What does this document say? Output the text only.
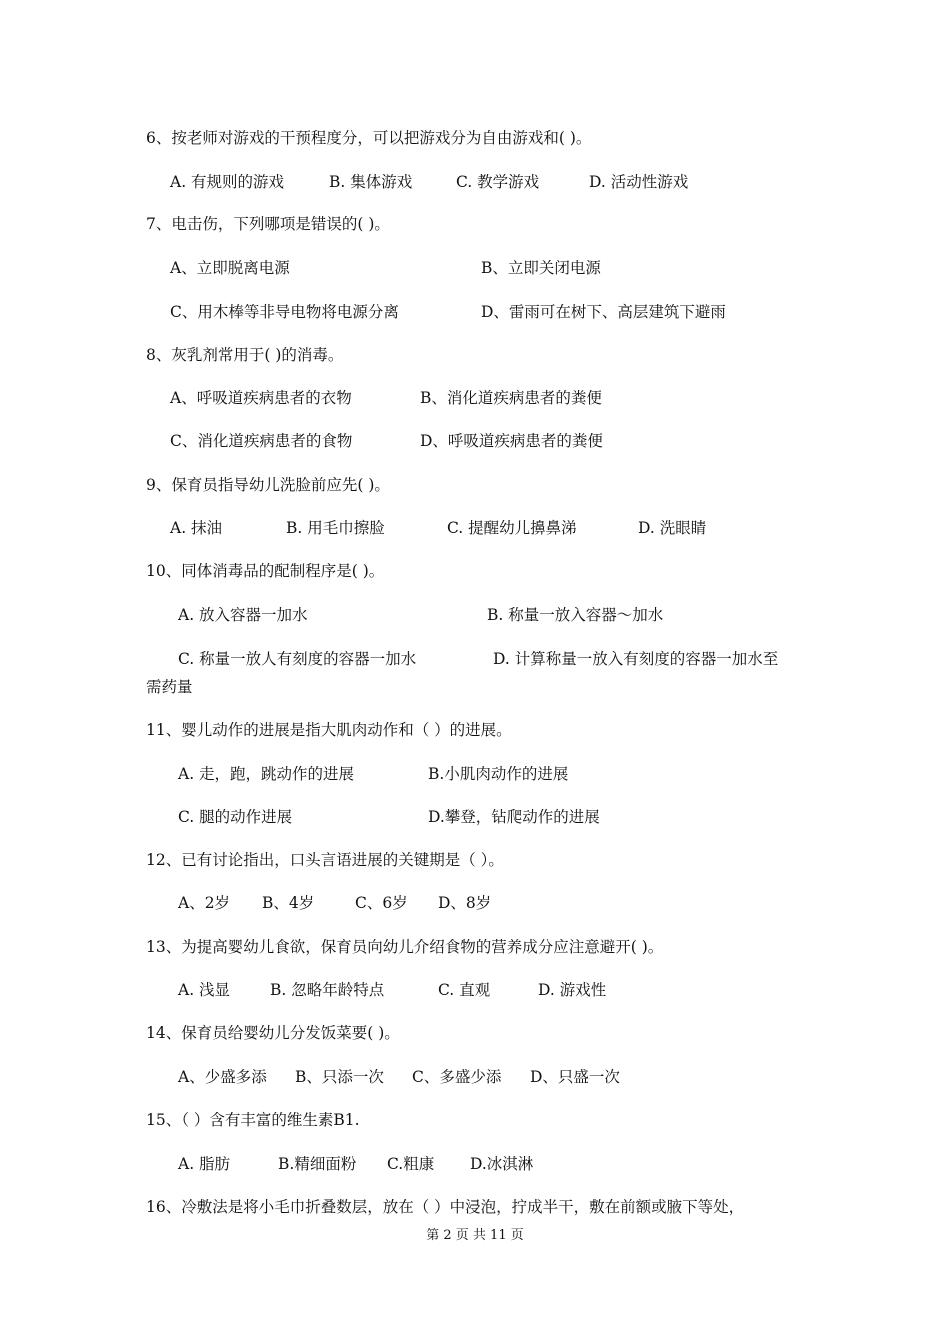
6、按老师对游戏的干预程度分，可以把游戏分为自由游戏和( )。
A. 有规则的游戏	B. 集体游戏	C. 教学游戏	D. 活动性游戏
7、电击伤，下列哪项是错误的( )。
A、立即脱离电源	B、立即关闭电源
C、用木棒等非导电物将电源分离	D、雷雨可在树下、高层建筑下避雨
8、灰乳剂常用于( )的消毒。
A、呼吸道疾病患者的衣物	B、消化道疾病患者的粪便
C、消化道疾病患者的食物	D、呼吸道疾病患者的粪便
9、保育员指导幼儿洗脸前应先( )。
A. 抹油	B. 用毛巾擦脸	C. 提醒幼儿擤鼻涕	D. 洗眼睛
10、同体消毒品的配制程序是( )。
A. 放入容器一加水	B. 称量一放入容器～加水
C. 称量一放人有刻度的容器一加水	D. 计算称量一放入有刻度的容器一加水至
需药量
11、婴儿动作的进展是指大肌肉动作和（ ）的进展。
A. 走，跑，跳动作的进展	B.小肌肉动作的进展
C. 腿的动作进展	D.攀登，钻爬动作的进展
12、已有讨论指出，口头言语进展的关键期是（ ）。
A、2岁 B、4岁	C、6岁 D、8岁
13、为提高婴幼儿食欲，保育员向幼儿介绍食物的营养成分应注意避开( )。
A. 浅显	B. 忽略年龄特点	C. 直观	D. 游戏性
14、保育员给婴幼儿分发饭菜要( )。
A、少盛多添 B、只添一次 C、多盛少添 D、只盛一次
15、（ ）含有丰富的维生素B1.
A. 脂肪	B.精细面粉 C.粗康 D.冰淇淋
16、冷敷法是将小毛巾折叠数层，放在（ ）中浸泡，拧成半干，敷在前额或腋下等处，
第 2 页 共 11 页
